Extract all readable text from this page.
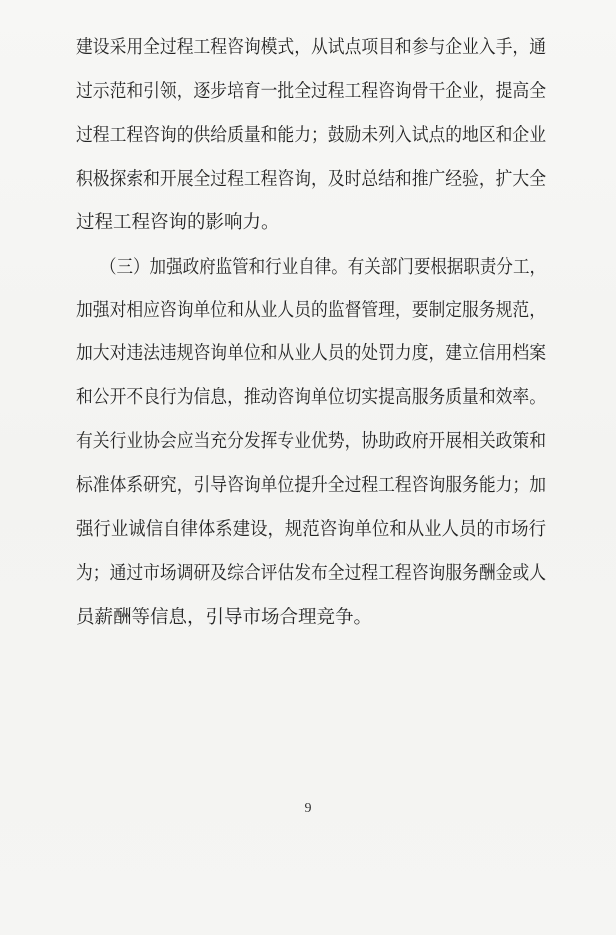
建设采用全过程工程咨询模式，从试点项目和参与企业入手，通
过示范和引领，逐步培育一批全过程工程咨询骨干企业，提高全
过程工程咨询的供给质量和能力；鼓励未列入试点的地区和企业
积极探索和开展全过程工程咨询，及时总结和推广经验，扩大全
过程工程咨询的影响力。
（三）加强政府监管和行业自律。有关部门要根据职责分工，
加强对相应咨询单位和从业人员的监督管理，要制定服务规范，
加大对违法违规咨询单位和从业人员的处罚力度，建立信用档案
和公开不良行为信息，推动咨询单位切实提高服务质量和效率。
有关行业协会应当充分发挥专业优势，协助政府开展相关政策和
标准体系研究，引导咨询单位提升全过程工程咨询服务能力；加
强行业诚信自律体系建设，规范咨询单位和从业人员的市场行
为；通过市场调研及综合评估发布全过程工程咨询服务酬金或人
员薪酬等信息，引导市场合理竞争。
9
